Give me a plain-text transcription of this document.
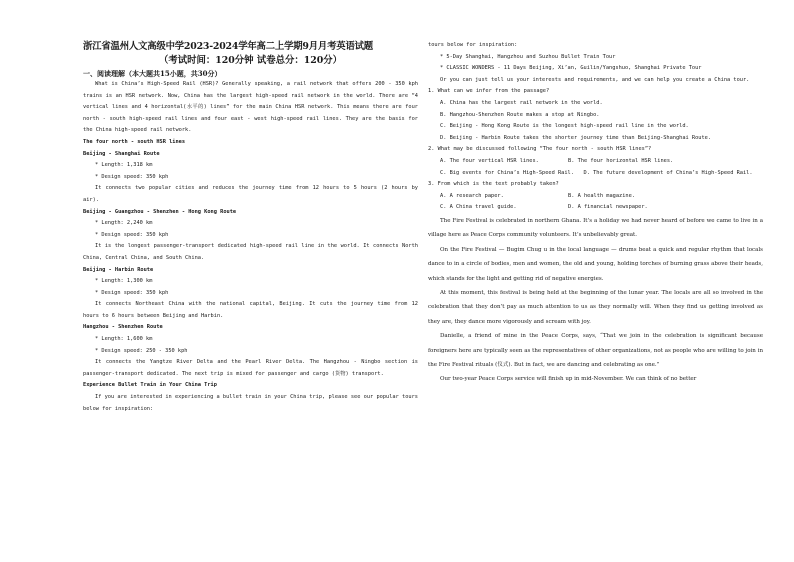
浙江省温州人文高级中学2023-2024学年高二上学期9月月考英语试题
（考试时间：120分钟 试卷总分：120分）
一、阅读理解（本大题共15小题，共30分）
What is China’s High-Speed Rail (HSR)? Generally speaking, a rail network that offers 200 - 350 kph trains is an HSR network. Now, China has the largest high-speed rail network in the world. There are “4 vertical lines and 4 horizontal(水平的) lines” for the main China HSR network. This means there are four north - south high-speed rail lines and four east - west high-speed rail lines. They are the basis for the China high-speed rail network.
The four north - south HSR lines
Beijing - Shanghai Route
* Length: 1,318 km
* Design speed: 350 kph
It connects two popular cities and reduces the journey time from 12 hours to 5 hours (2 hours by air).
Beijing - Guangzhou - Shenzhen - Hong Kong Route
* Length: 2,240 km
* Design speed: 350 kph
It is the longest passenger-transport dedicated high-speed rail line in the world. It connects North China, Central China, and South China.
Beijing - Harbin Route
* Length: 1,300 km
* Design speed: 350 kph
It connects Northeast China with the national capital, Beijing. It cuts the journey time from 12 hours to 6 hours between Beijing and Harbin.
Hangzhou - Shenzhen Route
* Length: 1,600 km
* Design speed: 250 - 350 kph
It connects the Yangtze River Delta and the Pearl River Delta. The Hangzhou - Ningbo section is passenger-transport dedicated. The next trip is mixed for passenger and cargo (货物) transport.
Experience Bullet Train in Your China Trip
If you are interested in experiencing a bullet train in your China trip, please see our popular tours below for inspiration:
tours below for inspiration:
* 5-Day Shanghai, Hangzhou and Suzhou Bullet Train Tour
* CLASSIC WONDERS - 11 Days Beijing, Xi’an, Guilin/Yangshuo, Shanghai Private Tour
Or you can just tell us your interests and requirements, and we can help you create a China tour.
1. What can we infer from the passage?
A. China has the largest rail network in the world.
B. Hangzhou-Shenzhen Route makes a stop at Ningbo.
C. Beijing - Hong Kong Route is the longest high-speed rail line in the world.
D. Beijing - Harbin Route takes the shorter journey time than Beijing-Shanghai Route.
2. What may be discussed following “The four north - south HSR lines”?
A. The four vertical HSR lines.	B. The four horizontal HSR lines.
C. Big events for China’s High-Speed Rail. D. The future development of China’s High-Speed Rail.
3. From which is the text probably taken?
A. A research paper.	B. A health magazine.
C. A China travel guide.	D. A financial newspaper.
The Fire Festival is celebrated in northern Ghana. It’s a holiday we had never heard of before we came to live in a village here as Peace Corps community volunteers. It’s unbelievably great.
On the Fire Festival — Bugim Chug u in the local language — drums beat a quick and regular rhythm that locals dance to in a circle of bodies, men and women, the old and young, holding torches of burning grass above their heads, which stands for the light and getting rid of negative energies.
At this moment, this festival is being held at the beginning of the lunar year. The locals are all so involved in the celebration that they don’t pay as much attention to us as they normally will. When they find us getting involved as they are, they dance more vigorously and scream with joy.
Danielle, a friend of mine in the Peace Corps, says, “That we join in the celebration is significant because foreigners here are typically seen as the representatives of other organizations, not as people who are willing to join in the Fire Festival rituals (仪式). But in fact, we are dancing and celebrating as one.”
Our two-year Peace Corps service will finish up in mid-November. We can think of no better
